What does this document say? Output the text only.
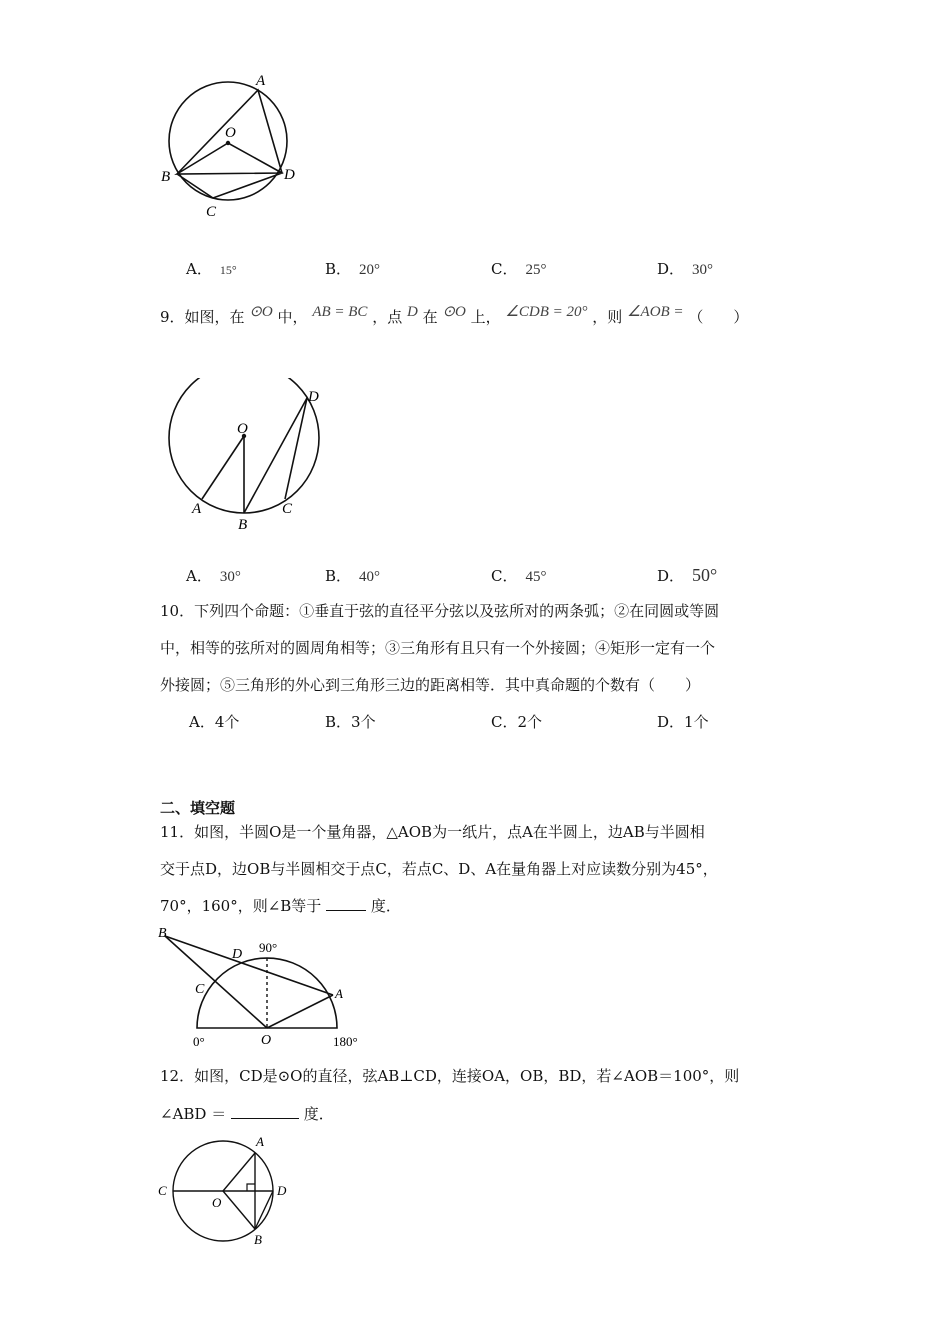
A
O
B	D
C
A． 15°	B． 20°	C． 25°	D． 30°
9．如图，在 ⊙O 中， AB = BC ，点 D 在 ⊙O 上， ∠CDB = 20° ，则 ∠AOB = （　　）
D
O
A
B
C
A． 30°	B． 40°	C． 45°	D． 50°
10．下列四个命题：①垂直于弦的直径平分弦以及弦所对的两条弧；②在同圆或等圆
中，相等的弦所对的圆周角相等；③三角形有且只有一个外接圆；④矩形一定有一个
外接圆；⑤三角形的外心到三角形三边的距离相等．其中真命题的个数有（　　）
A．4个	B．3个	C．2个	D．1个
二、填空题
11．如图，半圆O是一个量角器，△AOB为一纸片，点A在半圆上，边AB与半圆相
交于点D，边OB与半圆相交于点C，若点C、D、A在量角器上对应读数分别为45°，
70°，160°，则∠B等于	度．
B
D 90°
C	A
0°	O	180°
12．如图，CD是⊙O的直径，弦AB⊥CD，连接OA，OB，BD，若∠AOB＝100°，则
∠ABD ＝	度．
A
C
O
D
B
